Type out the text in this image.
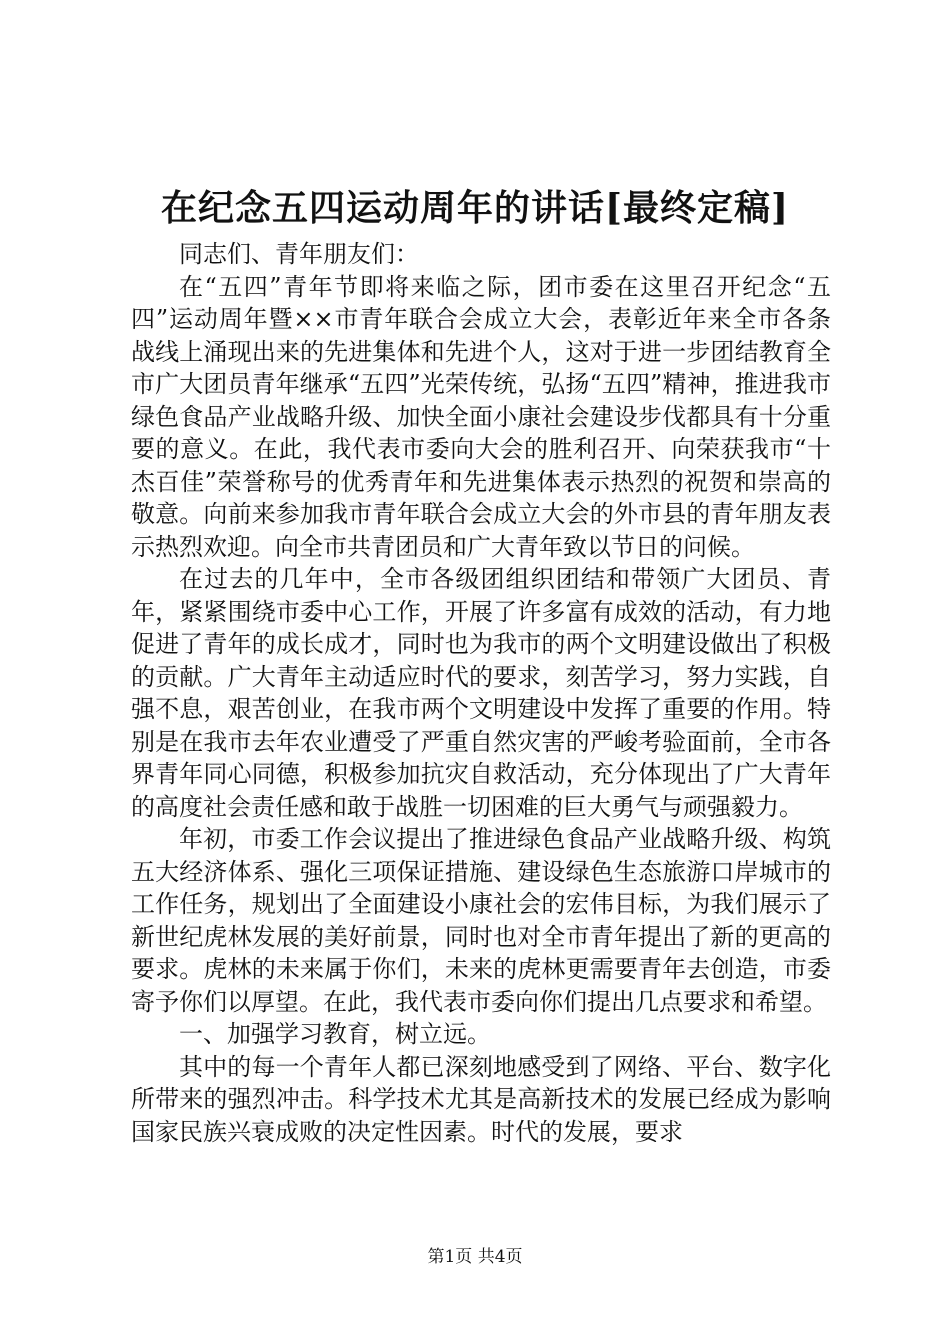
在纪念五四运动周年的讲话[最终定稿]

同志们、青年朋友们：

在“五四”青年节即将来临之际，团市委在这里召开纪念“五四”运动周年暨××市青年联合会成立大会，表彰近年来全市各条战线上涌现出来的先进集体和先进个人，这对于进一步团结教育全市广大团员青年继承“五四”光荣传统，弘扬“五四”精神，推进我市绿色食品产业战略升级、加快全面小康社会建设步伐都具有十分重要的意义。在此，我代表市委向大会的胜利召开、向荣获我市“十杰百佳”荣誉称号的优秀青年和先进集体表示热烈的祝贺和崇高的敬意。向前来参加我市青年联合会成立大会的外市县的青年朋友表示热烈欢迎。向全市共青团员和广大青年致以节日的问候。

在过去的几年中，全市各级团组织团结和带领广大团员、青年，紧紧围绕市委中心工作，开展了许多富有成效的活动，有力地促进了青年的成长成才，同时也为我市的两个文明建设做出了积极的贡献。广大青年主动适应时代的要求，刻苦学习，努力实践，自强不息，艰苦创业，在我市两个文明建设中发挥了重要的作用。特别是在我市去年农业遭受了严重自然灾害的严峻考验面前，全市各界青年同心同德，积极参加抗灾自救活动，充分体现出了广大青年的高度社会责任感和敢于战胜一切困难的巨大勇气与顽强毅力。

年初，市委工作会议提出了推进绿色食品产业战略升级、构筑五大经济体系、强化三项保证措施、建设绿色生态旅游口岸城市的工作任务，规划出了全面建设小康社会的宏伟目标，为我们展示了新世纪虎林发展的美好前景，同时也对全市青年提出了新的更高的要求。虎林的未来属于你们，未来的虎林更需要青年去创造，市委寄予你们以厚望。在此，我代表市委向你们提出几点要求和希望。

一、加强学习教育，树立远。

其中的每一个青年人都已深刻地感受到了网络、平台、数字化所带来的强烈冲击。科学技术尤其是高新技术的发展已经成为影响国家民族兴衰成败的决定性因素。时代的发展，要求

第1页 共4页
